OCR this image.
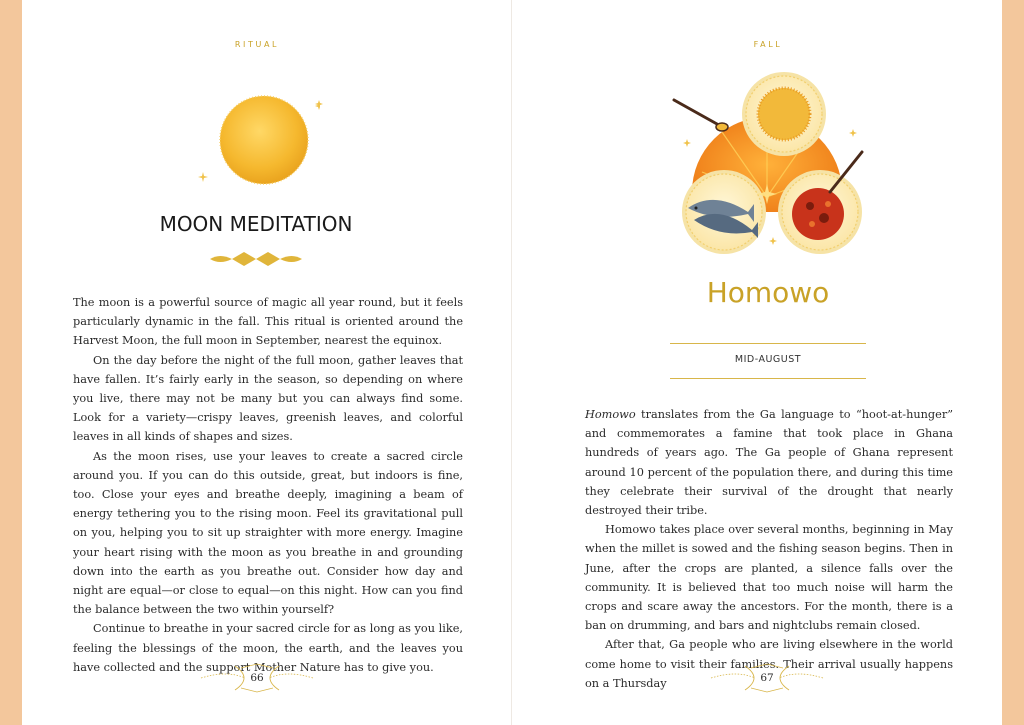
RITUAL
MOON MEDITATION

The moon is a powerful source of magic all year round, but it feels particularly dynamic in the fall. This ritual is oriented around the Harvest Moon, the full moon in September, nearest the equinox.

On the day before the night of the full moon, gather leaves that have fallen. It’s fairly early in the season, so depending on where you live, there may not be many but you can always find some. Look for a variety—crispy leaves, greenish leaves, and colorful leaves in all kinds of shapes and sizes.

As the moon rises, use your leaves to create a sacred circle around you. If you can do this outside, great, but indoors is fine, too. Close your eyes and breathe deeply, imagining a beam of energy tethering you to the rising moon. Feel its gravitational pull on you, helping you to sit up straighter with more energy. Imagine your heart rising with the moon as you breathe in and grounding down into the earth as you breathe out. Consider how day and night are equal—or close to equal—on this night. How can you find the balance between the two within yourself?

Continue to breathe in your sacred circle for as long as you like, feeling the blessings of the moon, the earth, and the leaves you have collected and the support Mother Nature has to give you.

66
FALL
Homowo
MID-AUGUST

Homowo translates from the Ga language to “hoot-at-hunger” and commemorates a famine that took place in Ghana hundreds of years ago. The Ga people of Ghana represent around 10 percent of the population there, and during this time they celebrate their survival of the drought that nearly destroyed their tribe.

Homowo takes place over several months, beginning in May when the millet is sowed and the fishing season begins. Then in June, after the crops are planted, a silence falls over the community. It is believed that too much noise will harm the crops and scare away the ancestors. For the month, there is a ban on drumming, and bars and nightclubs remain closed.

After that, Ga people who are living elsewhere in the world come home to visit their families. Their arrival usually happens on a Thursday	67
